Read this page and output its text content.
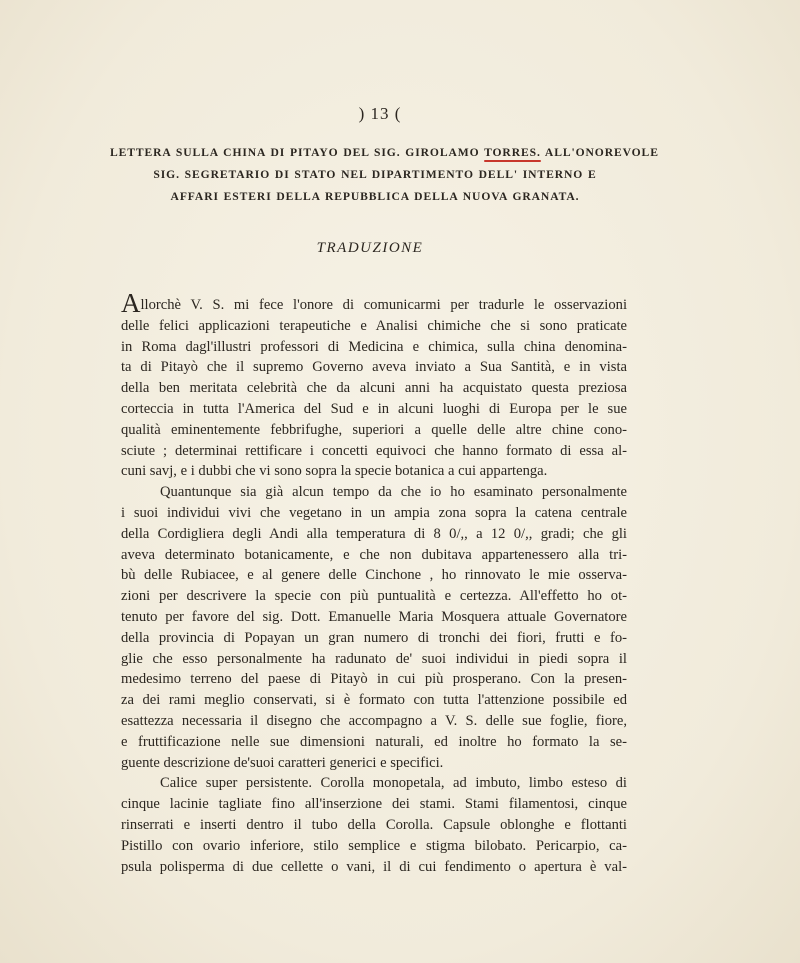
) 13 (
LETTERA SULLA CHINA DI PITAYO DEL SIG. GIROLAMO TORRES. ALL'ONOREVOLE
SIG. SEGRETARIO DI STATO NEL DIPARTIMENTO DELL' INTERNO E
AFFARI ESTERI DELLA REPUBBLICA DELLA NUOVA GRANATA.
TRADUZIONE
Allorchè V. S. mi fece l'onore di comunicarmi per tradurle le osservazioni
delle felici applicazioni terapeutiche e Analisi chimiche che si sono praticate
in Roma dagl'illustri professori di Medicina e chimica, sulla china denomina-
ta di Pitayò che il supremo Governo aveva inviato a Sua Santità, e in vista
della ben meritata celebrità che da alcuni anni ha acquistato questa preziosa
corteccia in tutta l'America del Sud e in alcuni luoghi di Europa per le sue
qualità eminentemente febbrifughe, superiori a quelle delle altre chine cono-
sciute ; determinai rettificare i concetti equivoci che hanno formato di essa al-
cuni savj, e i dubbi che vi sono sopra la specie botanica a cui appartenga.
Quantunque sia già alcun tempo da che io ho esaminato personalmente
i suoi individui vivi che vegetano in un ampia zona sopra la catena centrale
della Cordigliera degli Andi alla temperatura di 8 0/,, a 12 0/,, gradi; che gli
aveva determinato botanicamente, e che non dubitava appartenessero alla tri-
bù delle Rubiacee, e al genere delle Cinchone , ho rinnovato le mie osserva-
zioni per descrivere la specie con più puntualità e certezza. All'effetto ho ot-
tenuto per favore del sig. Dott. Emanuelle Maria Mosquera attuale Governatore
della provincia di Popayan un gran numero di tronchi dei fiori, frutti e fo-
glie che esso personalmente ha radunato de' suoi individui in piedi sopra il
medesimo terreno del paese di Pitayò in cui più prosperano. Con la presen-
za dei rami meglio conservati, si è formato con tutta l'attenzione possibile ed
esattezza necessaria il disegno che accompagno a V. S. delle sue foglie, fiore,
e fruttificazione nelle sue dimensioni naturali, ed inoltre ho formato la se-
guente descrizione de'suoi caratteri generici e specifici.
Calice super persistente. Corolla monopetala, ad imbuto, limbo esteso di
cinque lacinie tagliate fino all'inserzione dei stami. Stami filamentosi, cinque
rinserrati e inserti dentro il tubo della Corolla. Capsule oblonghe e flottanti
Pistillo con ovario inferiore, stilo semplice e stigma bilobato. Pericarpio, ca-
psula polisperma di due cellette o vani, il di cui fendimento o apertura è val-
